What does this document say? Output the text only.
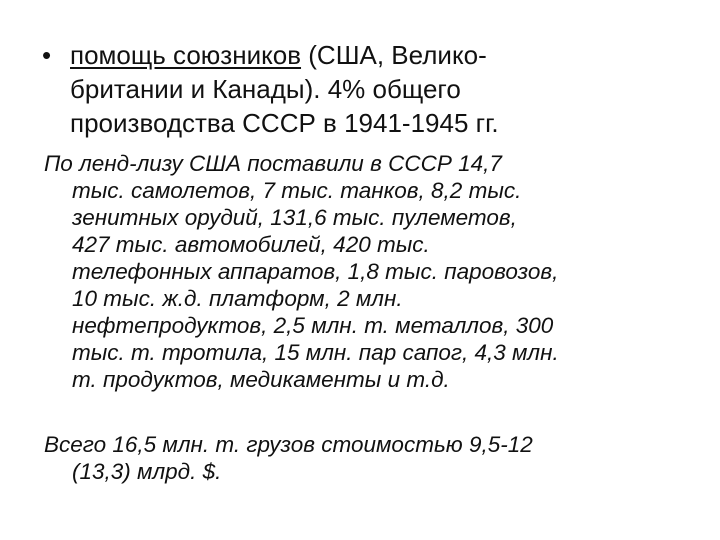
• помощь союзников (США, Велико-
британии и Канады). 4% общего
производства СССР в 1941-1945 гг.
По ленд-лизу США поставили в СССР 14,7
тыс. самолетов, 7 тыс. танков, 8,2 тыс.
зенитных орудий, 131,6 тыс. пулеметов,
427 тыс. автомобилей, 420 тыс.
телефонных аппаратов, 1,8 тыс. паровозов,
10 тыс. ж.д. платформ, 2 млн.
нефтепродуктов, 2,5 млн. т. металлов, 300
тыс. т. тротила, 15 млн. пар сапог, 4,3 млн.
т. продуктов, медикаменты и т.д.
Всего 16,5 млн. т. грузов стоимостью 9,5-12
(13,3) млрд. $.
